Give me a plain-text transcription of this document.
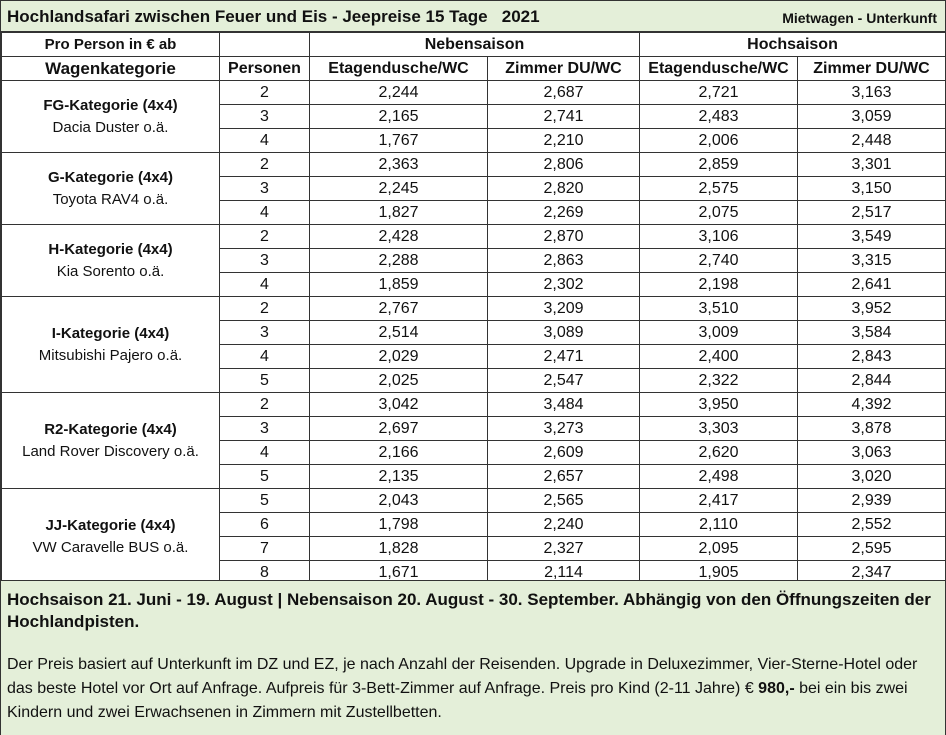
Hochlandsafari zwischen Feuer und Eis - Jeepreise 15 Tage   2021	Mietwagen - Unterkunft
Pro Person in € ab		Nebensaison		Hochsaison	
Wagenkategorie	Personen	Etagendusche/WC	Zimmer DU/WC	Etagendusche/WC	Zimmer DU/WC

FG-Kategorie (4x4)
Dacia Duster o.ä.	2	2,244	2,687	2,721	3,163
	3	2,165	2,741	2,483	3,059
	4	1,767	2,210	2,006	2,448

G-Kategorie (4x4)
Toyota RAV4 o.ä.	2	2,363	2,806	2,859	3,301
	3	2,245	2,820	2,575	3,150
	4	1,827	2,269	2,075	2,517

H-Kategorie (4x4)
Kia Sorento o.ä.	2	2,428	2,870	3,106	3,549
	3	2,288	2,863	2,740	3,315
	4	1,859	2,302	2,198	2,641

I-Kategorie (4x4)
Mitsubishi Pajero o.ä.	2	2,767	3,209	3,510	3,952
	3	2,514	3,089	3,009	3,584
	4	2,029	2,471	2,400	2,843
	5	2,025	2,547	2,322	2,844

R2-Kategorie (4x4)
Land Rover Discovery o.ä.	2	3,042	3,484	3,950	4,392
	3	2,697	3,273	3,303	3,878
	4	2,166	2,609	2,620	3,063
	5	2,135	2,657	2,498	3,020

JJ-Kategorie (4x4)
VW Caravelle BUS o.ä.	5	2,043	2,565	2,417	2,939
	6	1,798	2,240	2,110	2,552
	7	1,828	2,327	2,095	2,595
	8	1,671	2,114	1,905	2,347
Hochsaison 21. Juni - 19. August | Nebensaison 20. August - 30. September. Abhängig von den Öffnungszeiten der Hochlandpisten.
Der Preis basiert auf Unterkunft im DZ und EZ, je nach Anzahl der Reisenden. Upgrade in Deluxezimmer, Vier-Sterne-Hotel oder das beste Hotel vor Ort auf Anfrage. Aufpreis für 3-Bett-Zimmer auf Anfrage. Preis pro Kind (2-11 Jahre) € 980,- bei ein bis zwei Kindern und zwei Erwachsenen in Zimmern mit Zustellbetten.
